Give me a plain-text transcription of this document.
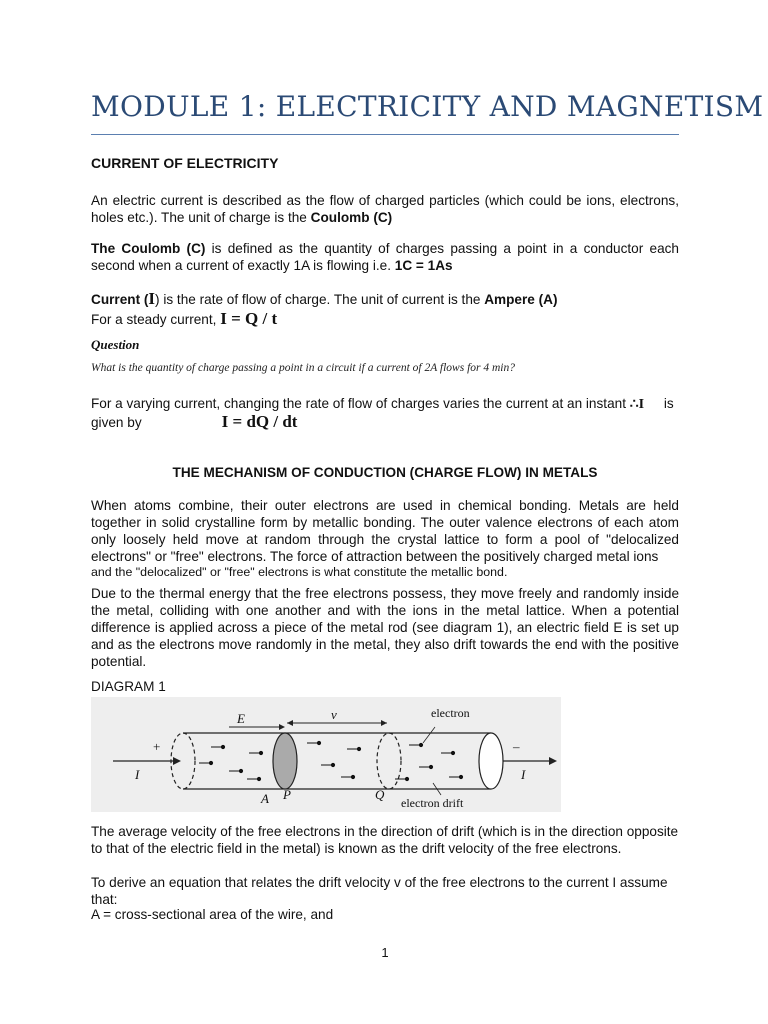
MODULE 1: ELECTRICITY AND MAGNETISM
CURRENT OF ELECTRICITY
An electric current is described as the flow of charged particles (which could be ions, electrons, holes etc.). The unit of charge is the Coulomb (C)
The Coulomb (C) is defined as the quantity of charges passing a point in a conductor each second when a current of exactly 1A is flowing i.e. 1C = 1As
Current (I) is the rate of flow of charge. The unit of current is the Ampere (A)
For a steady current, I = Q / t
Question
What is the quantity of charge passing a point in a circuit if a current of 2A flows for 4 min?
For a varying current, changing the rate of flow of charges varies the current at an instant ∴I is
given by	I = dQ / dt
THE MECHANISM OF CONDUCTION (CHARGE FLOW) IN METALS
When atoms combine, their outer electrons are used in chemical bonding. Metals are held together in solid crystalline form by metallic bonding. The outer valence electrons of each atom only loosely held move at random through the crystal lattice to form a pool of "delocalized electrons" or "free" electrons. The force of attraction between the positively charged metal ions
and the "delocalized" or "free" electrons is what constitute the metallic bond.
Due to the thermal energy that the free electrons possess, they move freely and randomly inside the metal, colliding with one another and with the ions in the metal lattice. When a potential difference is applied across a piece of the metal rod (see diagram 1), an electric field E is set up and as the electrons move randomly in the metal, they also drift towards the end with the positive potential.
DIAGRAM 1
+	–
I	I
E	v
A P	Q
electron
electron drift
The average velocity of the free electrons in the direction of drift (which is in the direction opposite to that of the electric field in the metal) is known as the drift velocity of the free electrons.
To derive an equation that relates the drift velocity v of the free electrons to the current I assume that:
A = cross-sectional area of the wire, and
1
